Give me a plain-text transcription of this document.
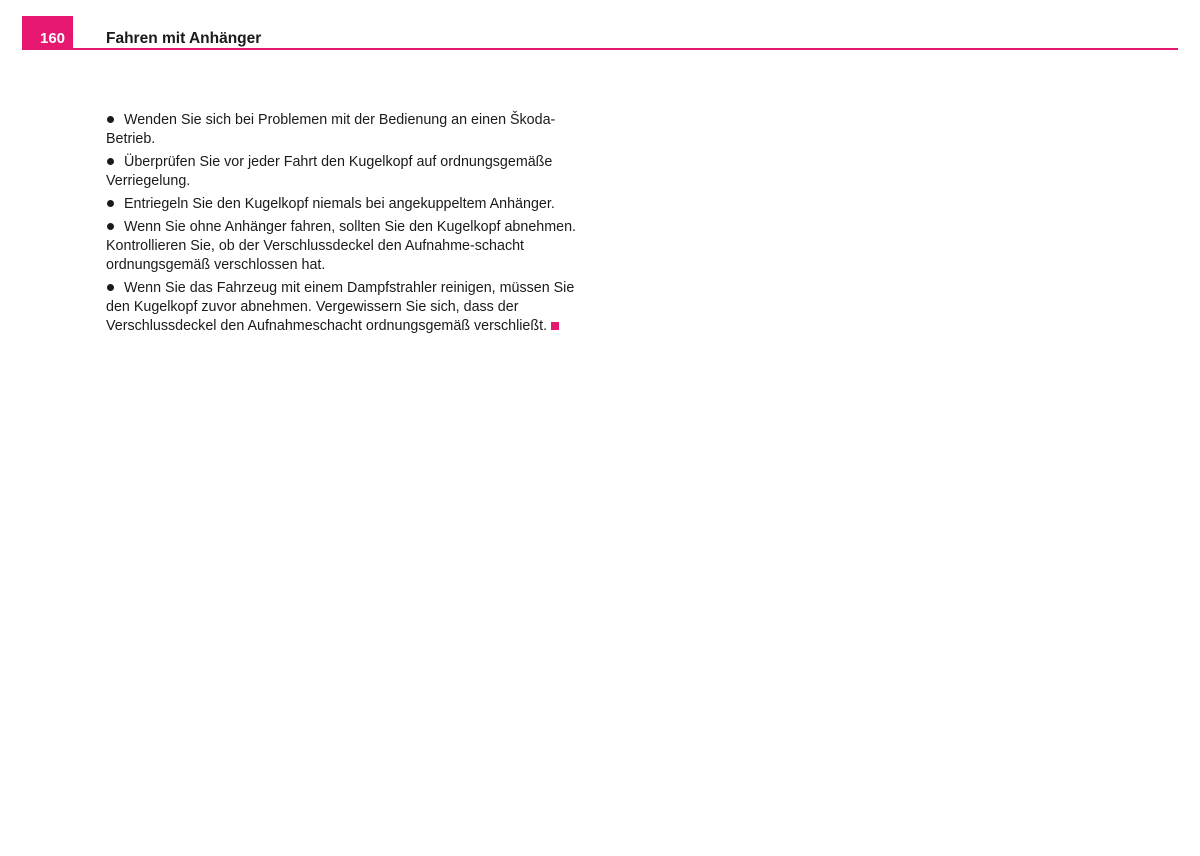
160	Fahren mit Anhänger

Wenden Sie sich bei Problemen mit der Bedienung an einen Škoda-Betrieb.

Überprüfen Sie vor jeder Fahrt den Kugelkopf auf ordnungsgemäße Verriegelung.

Entriegeln Sie den Kugelkopf niemals bei angekuppeltem Anhänger.

Wenn Sie ohne Anhänger fahren, sollten Sie den Kugelkopf abnehmen. Kontrollieren Sie, ob der Verschlussdeckel den Aufnahme-schacht ordnungsgemäß verschlossen hat.

Wenn Sie das Fahrzeug mit einem Dampfstrahler reinigen, müssen Sie den Kugelkopf zuvor abnehmen. Vergewissern Sie sich, dass der Verschlussdeckel den Aufnahmeschacht ordnungsgemäß verschließt.
